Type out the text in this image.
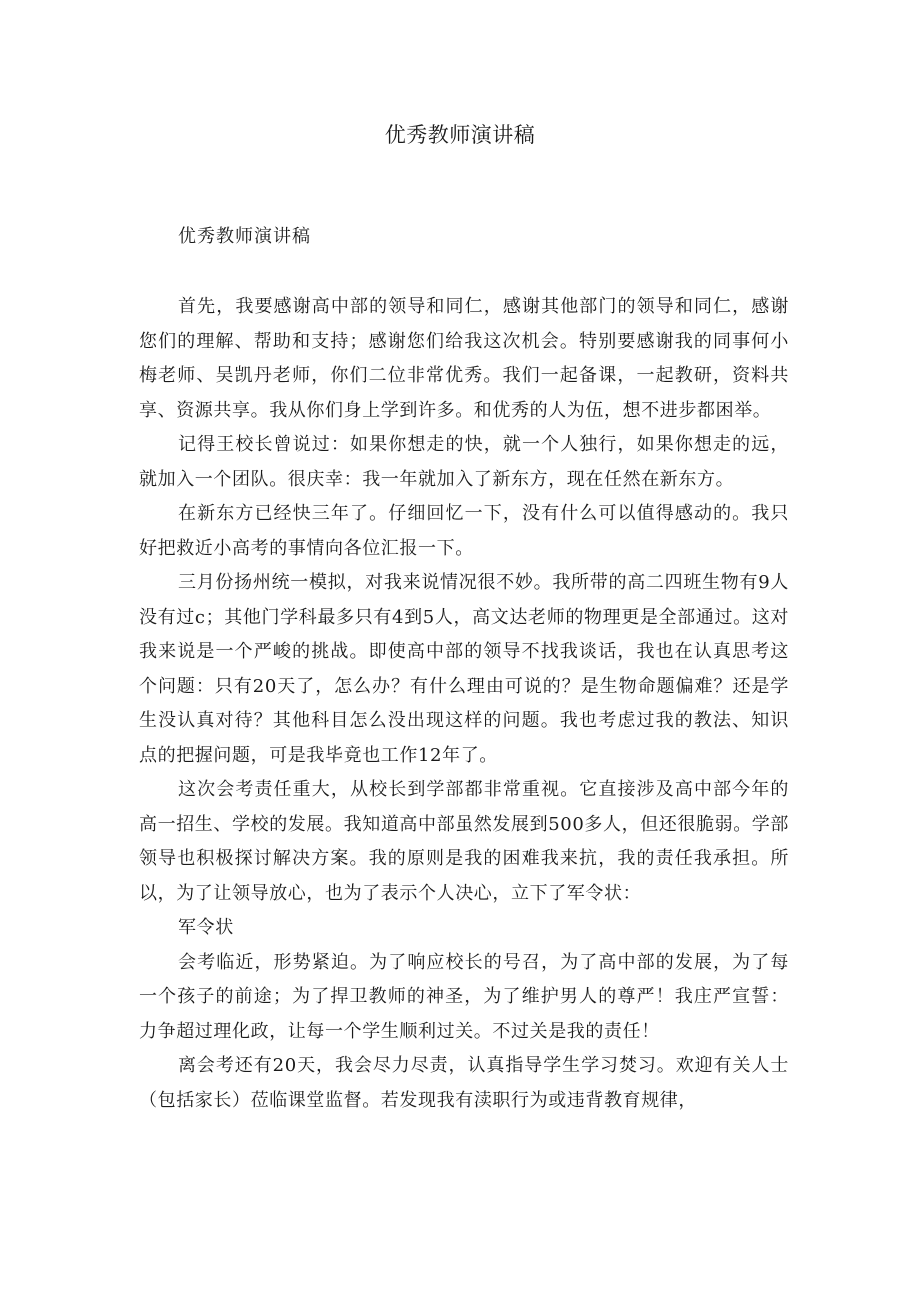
优秀教师演讲稿

优秀教师演讲稿

首先，我要感谢高中部的领导和同仁，感谢其他部门的领导和同仁，感谢您们的理解、帮助和支持；感谢您们给我这次机会。特别要感谢我的同事何小梅老师、吴凯丹老师，你们二位非常优秀。我们一起备课，一起教研，资料共享、资源共享。我从你们身上学到许多。和优秀的人为伍，想不进步都困举。

记得王校长曾说过：如果你想走的快，就一个人独行，如果你想走的远，就加入一个团队。很庆幸：我一年就加入了新东方，现在任然在新东方。

在新东方已经快三年了。仔细回忆一下，没有什么可以值得感动的。我只好把救近小高考的事情向各位汇报一下。

三月份扬州统一模拟，对我来说情况很不妙。我所带的高二四班生物有9人没有过c；其他门学科最多只有4到5人，高文达老师的物理更是全部通过。这对我来说是一个严峻的挑战。即使高中部的领导不找我谈话，我也在认真思考这个问题：只有20天了，怎么办？有什么理由可说的？是生物命题偏难？还是学生没认真对待？其他科目怎么没出现这样的问题。我也考虑过我的教法、知识点的把握问题，可是我毕竟也工作12年了。

这次会考责任重大，从校长到学部都非常重视。它直接涉及高中部今年的高一招生、学校的发展。我知道高中部虽然发展到500多人，但还很脆弱。学部领导也积极探讨解决方案。我的原则是我的困难我来抗，我的责任我承担。所以，为了让领导放心，也为了表示个人决心，立下了军令状：

军令状

会考临近，形势紧迫。为了响应校长的号召，为了高中部的发展，为了每一个孩子的前途；为了捍卫教师的神圣，为了维护男人的尊严！我庄严宣誓：力争超过理化政，让每一个学生顺利过关。不过关是我的责任！

离会考还有20天，我会尽力尽责，认真指导学生学习焚习。欢迎有关人士（包括家长）莅临课堂监督。若发现我有渎职行为或违背教育规律，
